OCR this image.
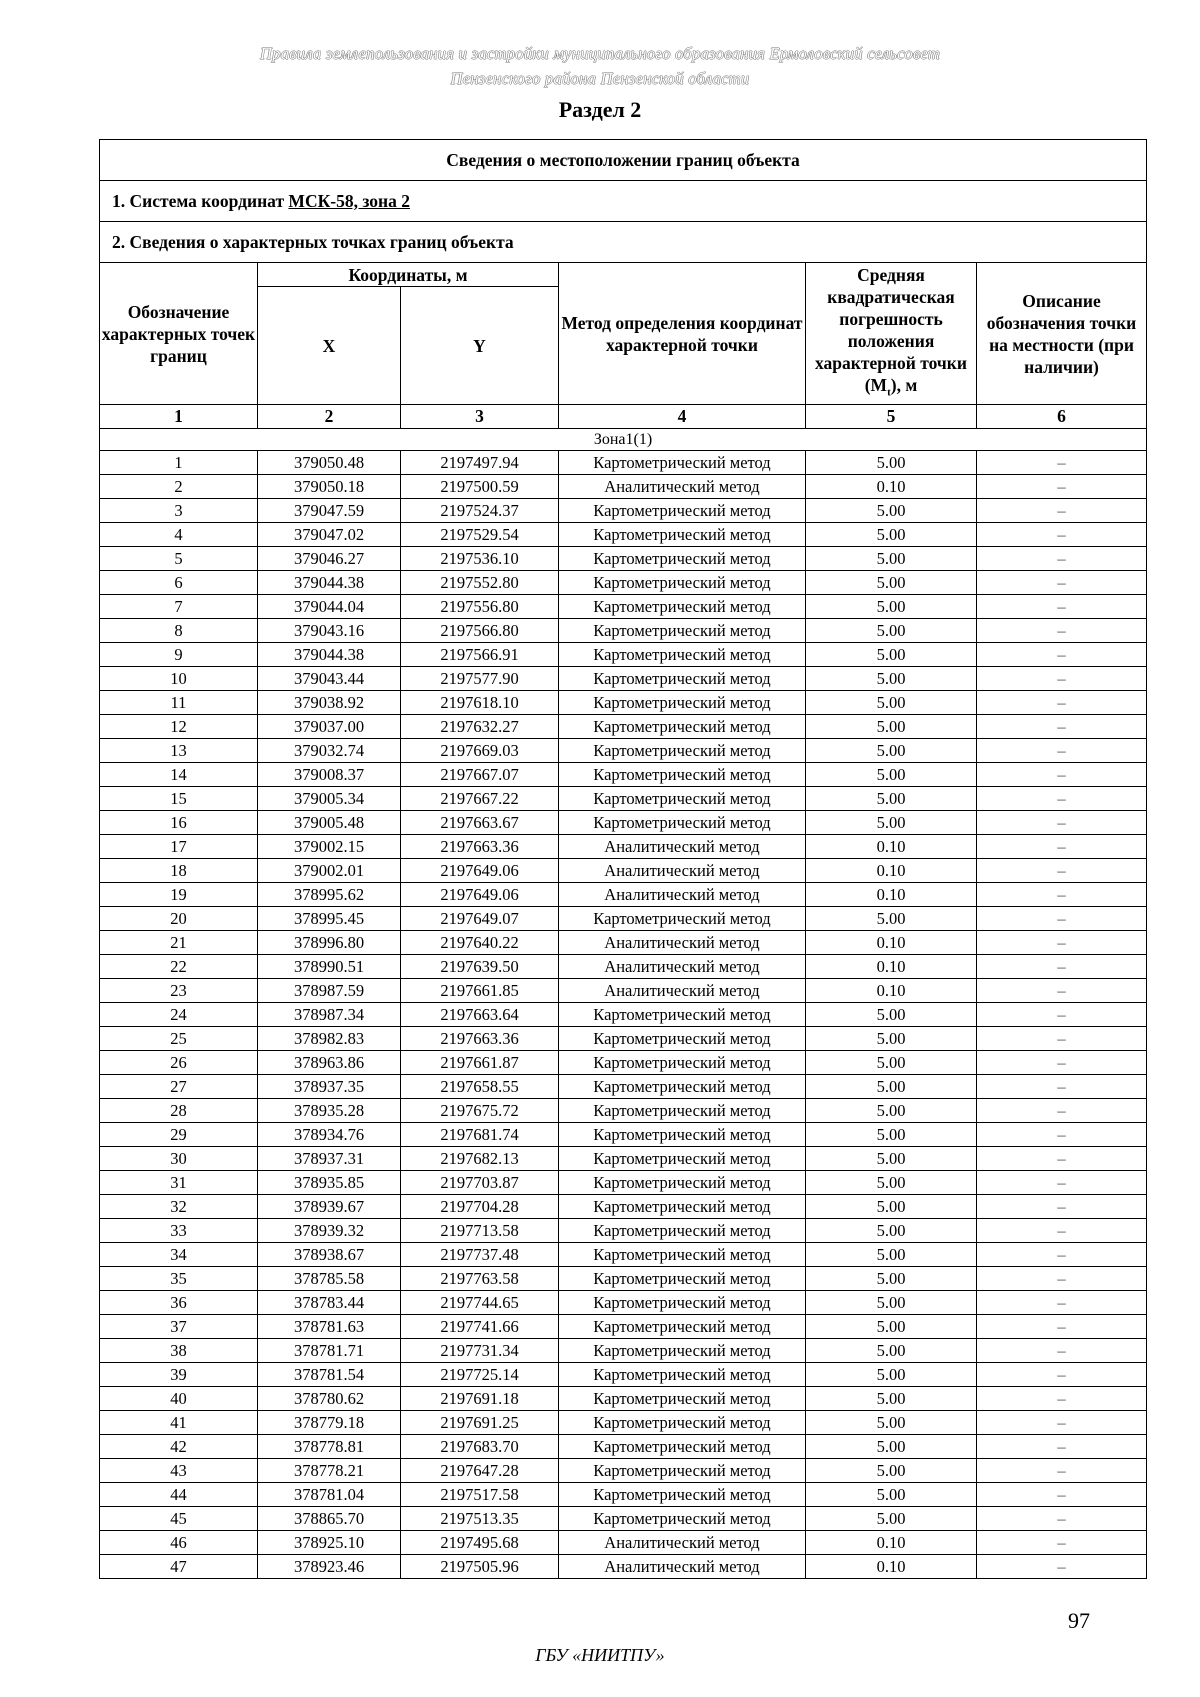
Правила землепользования и застройки муниципального образования Ермоловский сельсовет
Пензенского района Пензенской области
Раздел 2
Сведения о местоположении границ объекта					
1. Система координат МСК-58, зона 2					
2. Сведения о характерных точках границ объекта					
Обозначение характерных точек границ	Координаты, м		Метод определения координат характерной точки	Средняя квадратическая погрешность положения характерной точки $(M_t)$, м	Описание обозначения точки на местности (при наличии)
	X	Y			
1	2	3	4	5	6
Зона1(1)					
1	379050.48	2197497.94	Картометрический метод	5.00	–
2	379050.18	2197500.59	Аналитический метод	0.10	–
3	379047.59	2197524.37	Картометрический метод	5.00	–
4	379047.02	2197529.54	Картометрический метод	5.00	–
5	379046.27	2197536.10	Картометрический метод	5.00	–
6	379044.38	2197552.80	Картометрический метод	5.00	–
7	379044.04	2197556.80	Картометрический метод	5.00	–
8	379043.16	2197566.80	Картометрический метод	5.00	–
9	379044.38	2197566.91	Картометрический метод	5.00	–
10	379043.44	2197577.90	Картометрический метод	5.00	–
11	379038.92	2197618.10	Картометрический метод	5.00	–
12	379037.00	2197632.27	Картометрический метод	5.00	–
13	379032.74	2197669.03	Картометрический метод	5.00	–
14	379008.37	2197667.07	Картометрический метод	5.00	–
15	379005.34	2197667.22	Картометрический метод	5.00	–
16	379005.48	2197663.67	Картометрический метод	5.00	–
17	379002.15	2197663.36	Аналитический метод	0.10	–
18	379002.01	2197649.06	Аналитический метод	0.10	–
19	378995.62	2197649.06	Аналитический метод	0.10	–
20	378995.45	2197649.07	Картометрический метод	5.00	–
21	378996.80	2197640.22	Аналитический метод	0.10	–
22	378990.51	2197639.50	Аналитический метод	0.10	–
23	378987.59	2197661.85	Аналитический метод	0.10	–
24	378987.34	2197663.64	Картометрический метод	5.00	–
25	378982.83	2197663.36	Картометрический метод	5.00	–
26	378963.86	2197661.87	Картометрический метод	5.00	–
27	378937.35	2197658.55	Картометрический метод	5.00	–
28	378935.28	2197675.72	Картометрический метод	5.00	–
29	378934.76	2197681.74	Картометрический метод	5.00	–
30	378937.31	2197682.13	Картометрический метод	5.00	–
31	378935.85	2197703.87	Картометрический метод	5.00	–
32	378939.67	2197704.28	Картометрический метод	5.00	–
33	378939.32	2197713.58	Картометрический метод	5.00	–
34	378938.67	2197737.48	Картометрический метод	5.00	–
35	378785.58	2197763.58	Картометрический метод	5.00	–
36	378783.44	2197744.65	Картометрический метод	5.00	–
37	378781.63	2197741.66	Картометрический метод	5.00	–
38	378781.71	2197731.34	Картометрический метод	5.00	–
39	378781.54	2197725.14	Картометрический метод	5.00	–
40	378780.62	2197691.18	Картометрический метод	5.00	–
41	378779.18	2197691.25	Картометрический метод	5.00	–
42	378778.81	2197683.70	Картометрический метод	5.00	–
43	378778.21	2197647.28	Картометрический метод	5.00	–
44	378781.04	2197517.58	Картометрический метод	5.00	–
45	378865.70	2197513.35	Картометрический метод	5.00	–
46	378925.10	2197495.68	Аналитический метод	0.10	–
47	378923.46	2197505.96	Аналитический метод	0.10	–
97
ГБУ «НИИТПУ»
